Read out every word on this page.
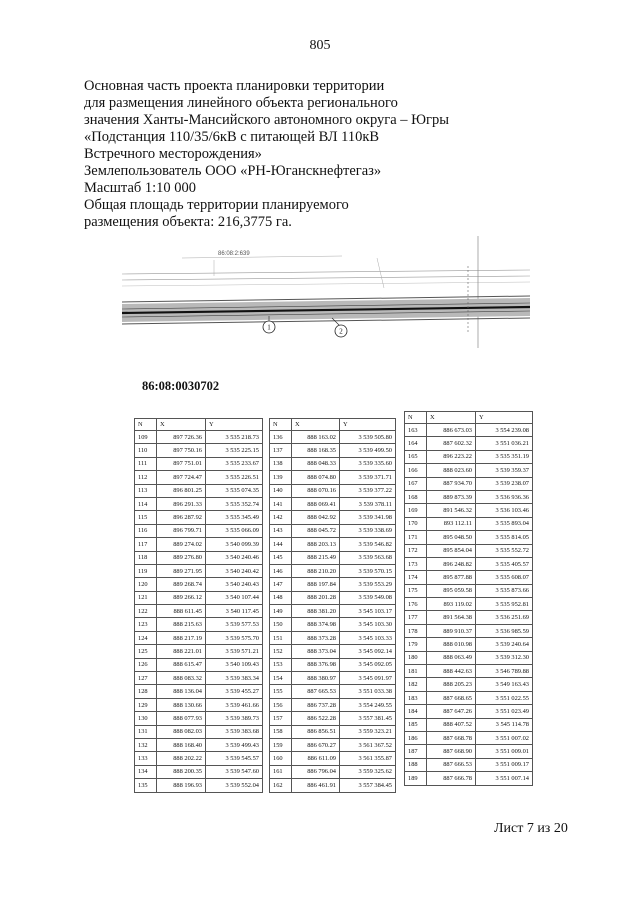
805
Основная часть проекта планировки территории
для размещения линейного объекта регионального
значения Ханты-Мансийского автономного округа – Югры
«Подстанция 110/35/6кВ с питающей ВЛ 110кВ
Встречного месторождения»
Землепользователь ООО «РН-Юганскнефтегаз»
Масштаб 1:10 000
Общая площадь территории планируемого
размещения объекта: 216,3775 га.
86:08:2:639
1	2
86:08:0030702
N	X	Y
109	897 726.36	3 535 218.73
110	897 750.16	3 535 225.15
111	897 751.01	3 535 233.67
112	897 724.47	3 535 226.51
113	896 801.25	3 535 074.35
114	896 291.33	3 535 352.74
115	896 287.92	3 535 345.49
116	896 799.71	3 535 066.09
117	889 274.02	3 540 099.39
118	889 276.80	3 540 240.46
119	889 271.95	3 540 240.42
120	889 268.74	3 540 240.43
121	889 266.12	3 540 107.44
122	888 611.45	3 540 117.45
123	888 215.63	3 539 577.53
124	888 217.19	3 539 575.70
125	888 221.01	3 539 571.21
126	888 615.47	3 540 109.43
127	888 083.32	3 539 383.34
128	888 136.04	3 539 455.27
129	888 130.66	3 539 461.66
130	888 077.93	3 539 389.73
131	888 082.03	3 539 383.68
132	888 168.40	3 539 499.43
133	888 202.22	3 539 545.57
134	888 200.35	3 539 547.60
135	888 196.93	3 539 552.04
N	X	Y
136	888 163.02	3 539 505.80
137	888 168.35	3 539 499.50
138	888 048.33	3 539 335.60
139	888 074.80	3 539 371.71
140	888 070.16	3 539 377.22
141	888 069.41	3 539 378.11
142	888 042.92	3 539 341.98
143	888 045.72	3 539 338.69
144	888 203.13	3 539 546.82
145	888 215.49	3 539 563.68
146	888 210.20	3 539 570.15
147	888 197.84	3 539 553.29
148	888 201.28	3 539 549.08
149	888 381.20	3 545 103.17
150	888 374.98	3 545 103.30
151	888 373.28	3 545 103.33
152	888 373.04	3 545 092.14
153	888 376.98	3 545 092.05
154	888 380.97	3 545 091.97
155	887 665.53	3 551 033.38
156	886 737.28	3 554 249.55
157	886 522.28	3 557 381.45
158	886 856.51	3 559 323.21
159	886 670.27	3 561 367.52
160	886 611.09	3 561 355.87
161	886 796.04	3 559 325.62
162	886 461.91	3 557 384.45
N	X	Y
163	886 673.03	3 554 239.08
164	887 602.32	3 551 036.21
165	896 223.22	3 535 351.19
166	888 023.60	3 539 359.37
167	887 934.70	3 539 238.07
168	889 873.39	3 536 936.36
169	891 546.32	3 536 103.46
170	893 112.11	3 535 893.04
171	895 048.50	3 535 814.05
172	895 854.04	3 535 552.72
173	896 248.82	3 535 405.57
174	895 877.88	3 535 608.07
175	895 059.58	3 535 873.66
176	893 119.02	3 535 952.81
177	891 564.38	3 536 251.69
178	889 910.37	3 536 985.59
179	888 010.98	3 539 240.64
180	888 063.49	3 539 312.30
181	888 442.63	3 546 789.88
182	888 205.23	3 549 163.43
183	887 668.65	3 551 022.55
184	887 647.26	3 551 023.49
185	888 407.52	3 545 114.78
186	887 668.78	3 551 007.02
187	887 668.90	3 551 009.01
188	887 666.53	3 551 009.17
189	887 666.78	3 551 007.14
Лист 7 из 20
